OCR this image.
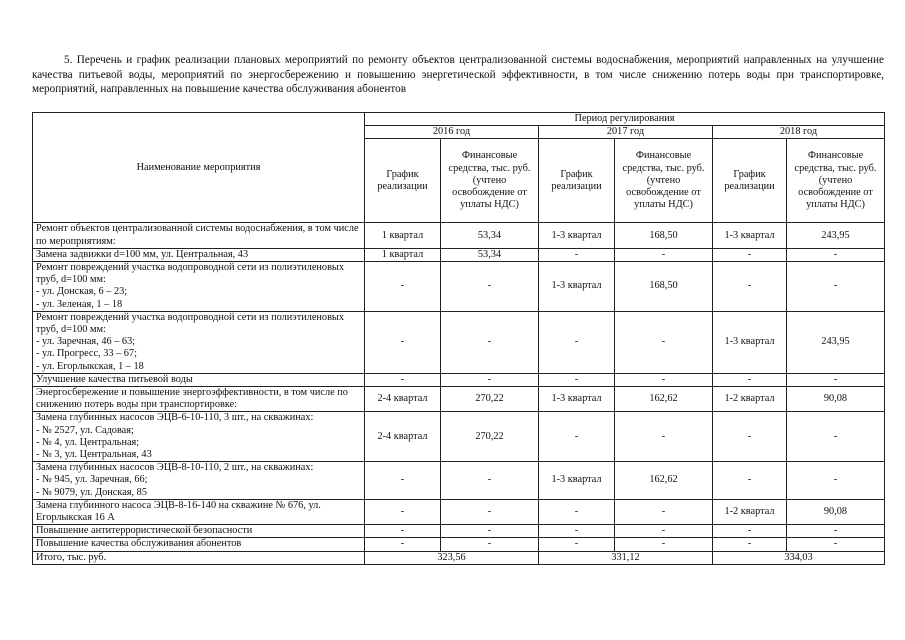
5. Перечень и график реализации плановых мероприятий по ремонту объектов централизованной системы водоснабжения, мероприятий направленных на улучшение качества питьевой воды, мероприятий по энергосбережению и повышению энергетической эффективности, в том числе снижению потерь воды при транспортировке, мероприятий, направленных на повышение качества обслуживания абонентов
Наименование мероприятия	Период регулирования					
	2016 год		2017 год		2018 год	
	График реализации	Финансовые средства, тыс. руб. (учтено освобождение от уплаты НДС)	График реализации	Финансовые средства, тыс. руб. (учтено освобождение от уплаты НДС)	График реализации	Финансовые средства, тыс. руб. (учтено освобождение от уплаты НДС)

Ремонт объектов централизованной системы водоснабжения, в том числе по мероприятиям:	1 квартал	53,34	1-3 квартал	168,50	1-3 квартал	243,95

Замена задвижки d=100 мм, ул. Центральная, 43	1 квартал	53,34	-	-	-	-

Ремонт повреждений участка водопроводной сети из полиэтиленовых труб, d=100 мм:
- ул. Донская, 6 – 23;
- ул. Зеленая, 1 – 18	-	-	1-3 квартал	168,50	-	-

Ремонт повреждений участка водопроводной сети из полиэтиленовых труб, d=100 мм:
- ул. Заречная, 46 – 63;
- ул. Прогресс, 33 – 67;
- ул. Егорлыкская, 1 – 18	-	-	-	-	1-3 квартал	243,95

Улучшение качества питьевой воды	-	-	-	-	-	-

Энергосбережение и повышение энергоэффективности, в том числе по снижению потерь воды при транспортировке:	2-4 квартал	270,22	1-3 квартал	162,62	1-2 квартал	90,08

Замена глубинных насосов ЭЦВ-6-10-110, 3 шт., на скважинах:
- № 2527, ул. Садовая;
- № 4, ул. Центральная;
- № 3, ул. Центральная, 43	2-4 квартал	270,22	-	-	-	-

Замена глубинных насосов ЭЦВ-8-10-110, 2 шт., на скважинах:
- № 945, ул. Заречная, 66;
- № 9079, ул. Донская, 85	-	-	1-3 квартал	162,62	-	-

Замена глубинного насоса ЭЦВ-8-16-140 на скважине № 676, ул. Егорлыкская 16 А	-	-	-	-	1-2 квартал	90,08

Повышение антитеррористической безопасности	-	-	-	-	-	-

Повышение качества обслуживания абонентов	-	-	-	-	-	-
Итого, тыс. руб.	323,56		331,12		334,03	
